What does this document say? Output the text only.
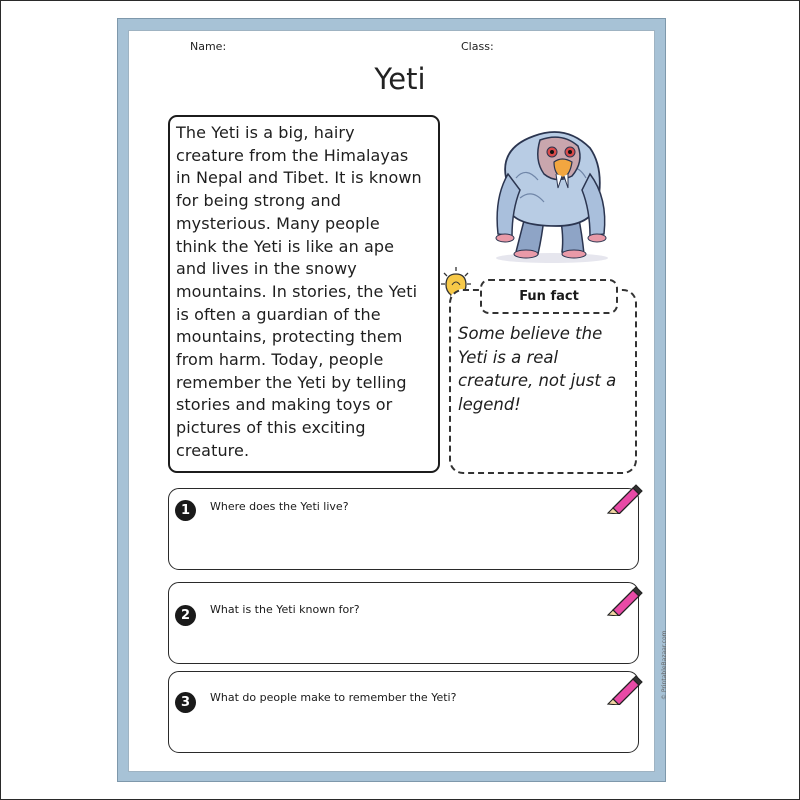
Name:	Class:
Yeti
The Yeti is a big, hairy
creature from the Himalayas
in Nepal and Tibet. It is known
for being strong and
mysterious. Many people
think the Yeti is like an ape
and lives in the snowy
mountains. In stories, the Yeti
is often a guardian of the
mountains, protecting them
from harm. Today, people
remember the Yeti by telling
stories and making toys or
pictures of this exciting
creature.
Fun fact
Some believe the
Yeti is a real
creature, not just a
legend!
1	Where does the Yeti live?
2	What is the Yeti known for?
3	What do people make to remember the Yeti?	© PrintableBazaar.com
